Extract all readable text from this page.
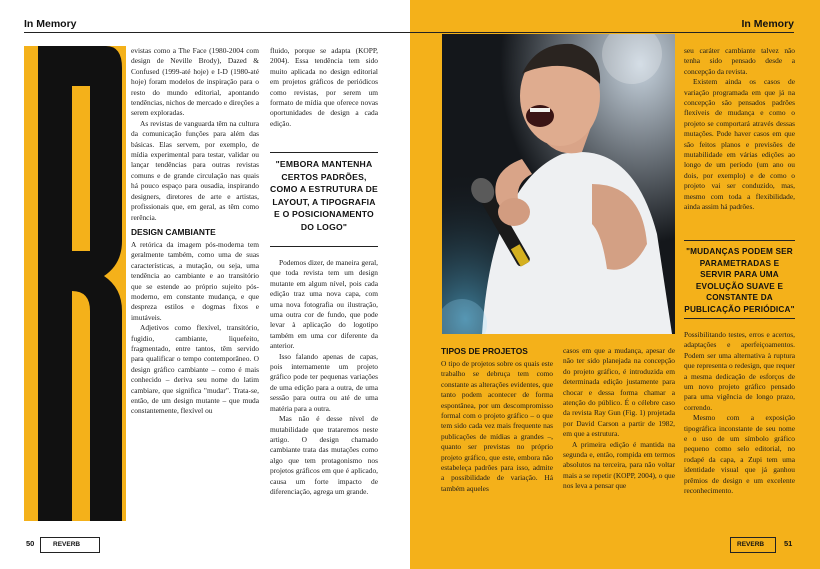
In Memory

evistas como a The Face (1980-2004 com design de Neville Brody), Dazed & Confused (1999-até hoje) e I-D (1980-até hoje) foram modelos de inspiração para o resto do mundo editorial, apontando tendências, nichos de mercado e direções a serem exploradas.

As revistas de vanguarda têm na cultura da comunicação funções para além das básicas. Elas servem, por exemplo, de mídia experimental para testar, validar ou lançar tendências para outras revistas comuns e de grande circulação nas quais há pouco espaço para ousadia, inspirando designers, diretores de arte e artistas, profissionais que, em geral, as têm como rerência.

DESIGN CAMBIANTE

A retórica da imagem pós-moderna tem geralmente também, como uma de suas características, a mutação, ou seja, uma tendência ao cambiante e ao transitório que se estende ao próprio sujeito pós-moderno, em constante mudança, e que despreza estilos e dogmas fixos e imutáveis.

Adjetivos como flexível, transitório, fugidio, cambiante, liquefeito, fragmentado, entre tantos, têm servido para qualificar o tempo contemporâneo. O design gráfico cambiante – como é mais conhecido – deriva seu nome do latim cambiare, que significa "mudar". Trata-se, então, de um design mutante – que muda constantemente, flexível ou

fluido, porque se adapta (KOPP, 2004). Essa tendência tem sido muito aplicada no design editorial em projetos gráficos de periódicos como revistas, por serem um formato de mídia que oferece novas oportunidades de design a cada edição.

"EMBORA MANTENHA CERTOS PADRÕES, COMO A ESTRUTURA DE LAYOUT, A TIPOGRAFIA E O POSICIONAMENTO DO LOGO"

Podemos dizer, de maneira geral, que toda revista tem um design mutante em algum nível, pois cada edição traz uma nova capa, com uma nova fotografia ou ilustração, uma outra cor de fundo, que pode levar à aplicação do logotipo também em uma cor diferente da anterior.

Isso falando apenas de capas, pois internamente um projeto gráfico pode ter pequenas variações de uma edição para a outra, de uma sessão para outra ou até de uma matéria para a outra.

Mas não é desse nível de mutabilidade que trataremos neste artigo. O design chamado cambiante trata das mutações como algo que tem protagonismo nos projetos gráficos em que é aplicado, causa um forte impacto de diferenciação, agrega um grande.

50	REVERB
In Memory
TIPOS DE PROJETOS

O tipo de projetos sobre os quais este trabalho se debruça tem como constante as alterações evidentes, que tanto podem acontecer de forma espontânea, por um descompromisso formal com o projeto gráfico – o que tem sido cada vez mais frequente nas publicações de mídias a grandes –, quanto ser previstas no próprio projeto gráfico, que este, embora não estabeleça padrões para isso, admite a possibilidade de variação. Há também aqueles

casos em que a mudança, apesar de não ter sido planejada na concepção do projeto gráfico, é introduzida em determinada edição justamente para chocar e dessa forma chamar a atenção do público. É o célebre caso da revista Ray Gun (Fig. 1) projetada por David Carson a partir de 1982, em que a estrutura.

A primeira edição é mantida na segunda e, então, rompida em termos absolutos na terceira, para não voltar mais a se repetir (KOPP, 2004), o que nos leva a pensar que

seu caráter cambiante talvez não tenha sido pensado desde a concepção da revista.

Existem ainda os casos de variação programada em que já na concepção são pensados padrões flexíveis de mudança e como o projeto se comportará através dessas mutações. Pode haver casos em que são feitos planos e previsões de mutabilidade em várias edições ao longo de um período (um ano ou dois, por exemplo) e de como o projeto vai ser conduzido, mas, mesmo com toda a flexibilidade, ainda assim há padrões.

"MUDANÇAS PODEM SER PARAMETRADAS E SERVIR PARA UMA EVOLUÇÃO SUAVE E CONSTANTE DA PUBLICAÇÃO PERIÓDICA"

Possibilitando testes, erros e acertos, adaptações e aperfeiçoamentos. Podem ser uma alternativa à ruptura que representa o redesign, que requer a mesma dedicação de esforços de um novo projeto gráfico pensado para uma vigência de longo prazo, correndo.

Mesmo com a exposição tipográfica inconstante de seu nome e o uso de um símbolo gráfico pequeno como selo editorial, no rodapé da capa, a Zupi tem uma identidade visual que já ganhou prêmios de design e um excelente reconhecimento.

REVERB	51
